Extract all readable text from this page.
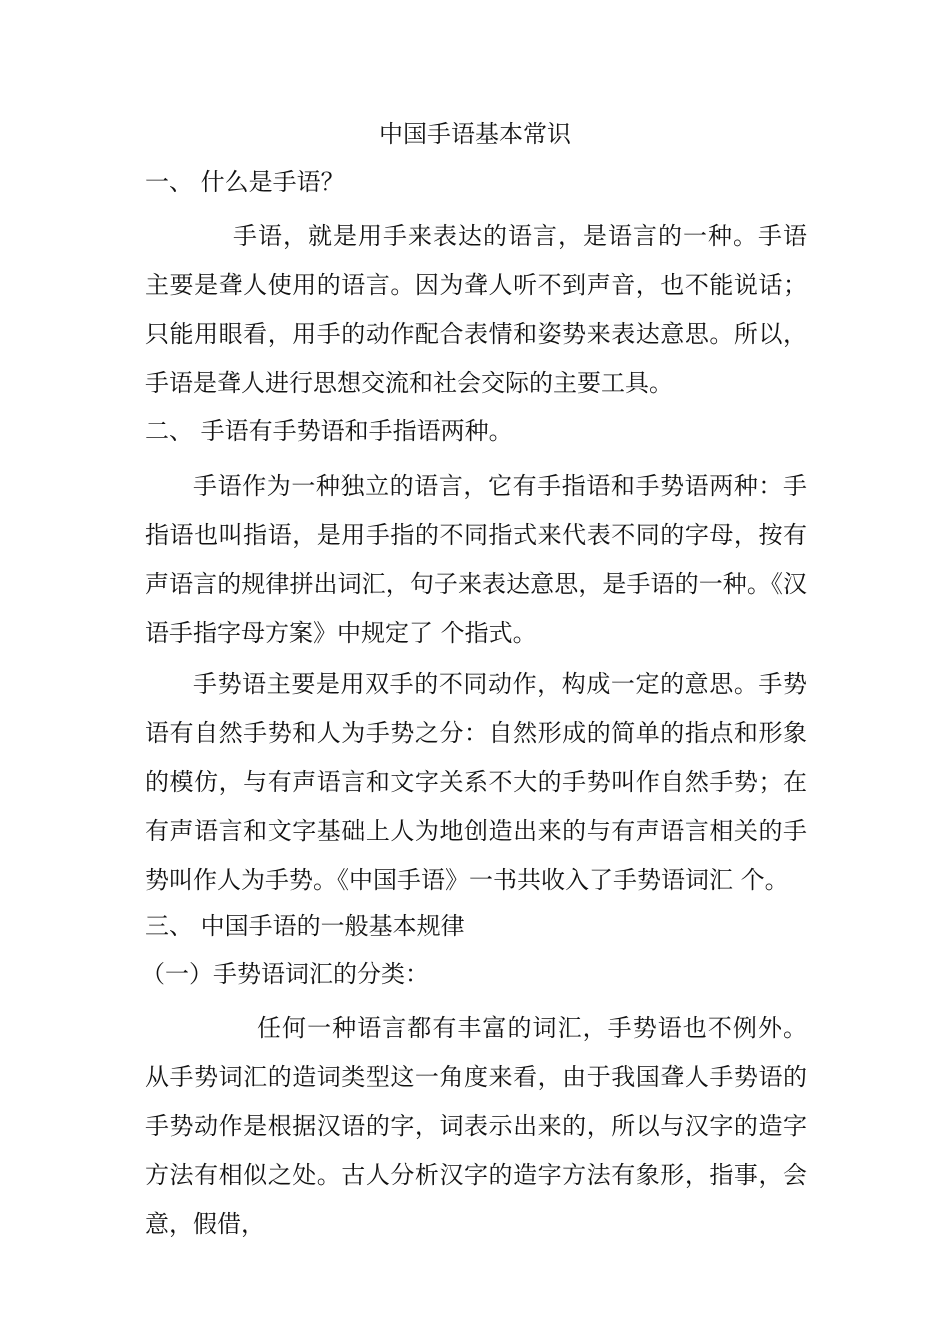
中国手语基本常识
一、 什么是手语？
手语，就是用手来表达的语言，是语言的一种。手语主要是聋人使用的语言。因为聋人听不到声音，也不能说话；只能用眼看，用手的动作配合表情和姿势来表达意思。所以，手语是聋人进行思想交流和社会交际的主要工具。
二、 手语有手势语和手指语两种。
手语作为一种独立的语言，它有手指语和手势语两种：手指语也叫指语，是用手指的不同指式来代表不同的字母，按有声语言的规律拼出词汇，句子来表达意思，是手语的一种。《汉语手指字母方案》中规定了 个指式。
手势语主要是用双手的不同动作，构成一定的意思。手势语有自然手势和人为手势之分：自然形成的简单的指点和形象的模仿，与有声语言和文字关系不大的手势叫作自然手势；在有声语言和文字基础上人为地创造出来的与有声语言相关的手势叫作人为手势。《中国手语》一书共收入了手势语词汇 个。
三、 中国手语的一般基本规律
（一）手势语词汇的分类：
任何一种语言都有丰富的词汇，手势语也不例外。从手势词汇的造词类型这一角度来看，由于我国聋人手势语的手势动作是根据汉语的字，词表示出来的，所以与汉字的造字方法有相似之处。古人分析汉字的造字方法有象形，指事，会意，假借，
